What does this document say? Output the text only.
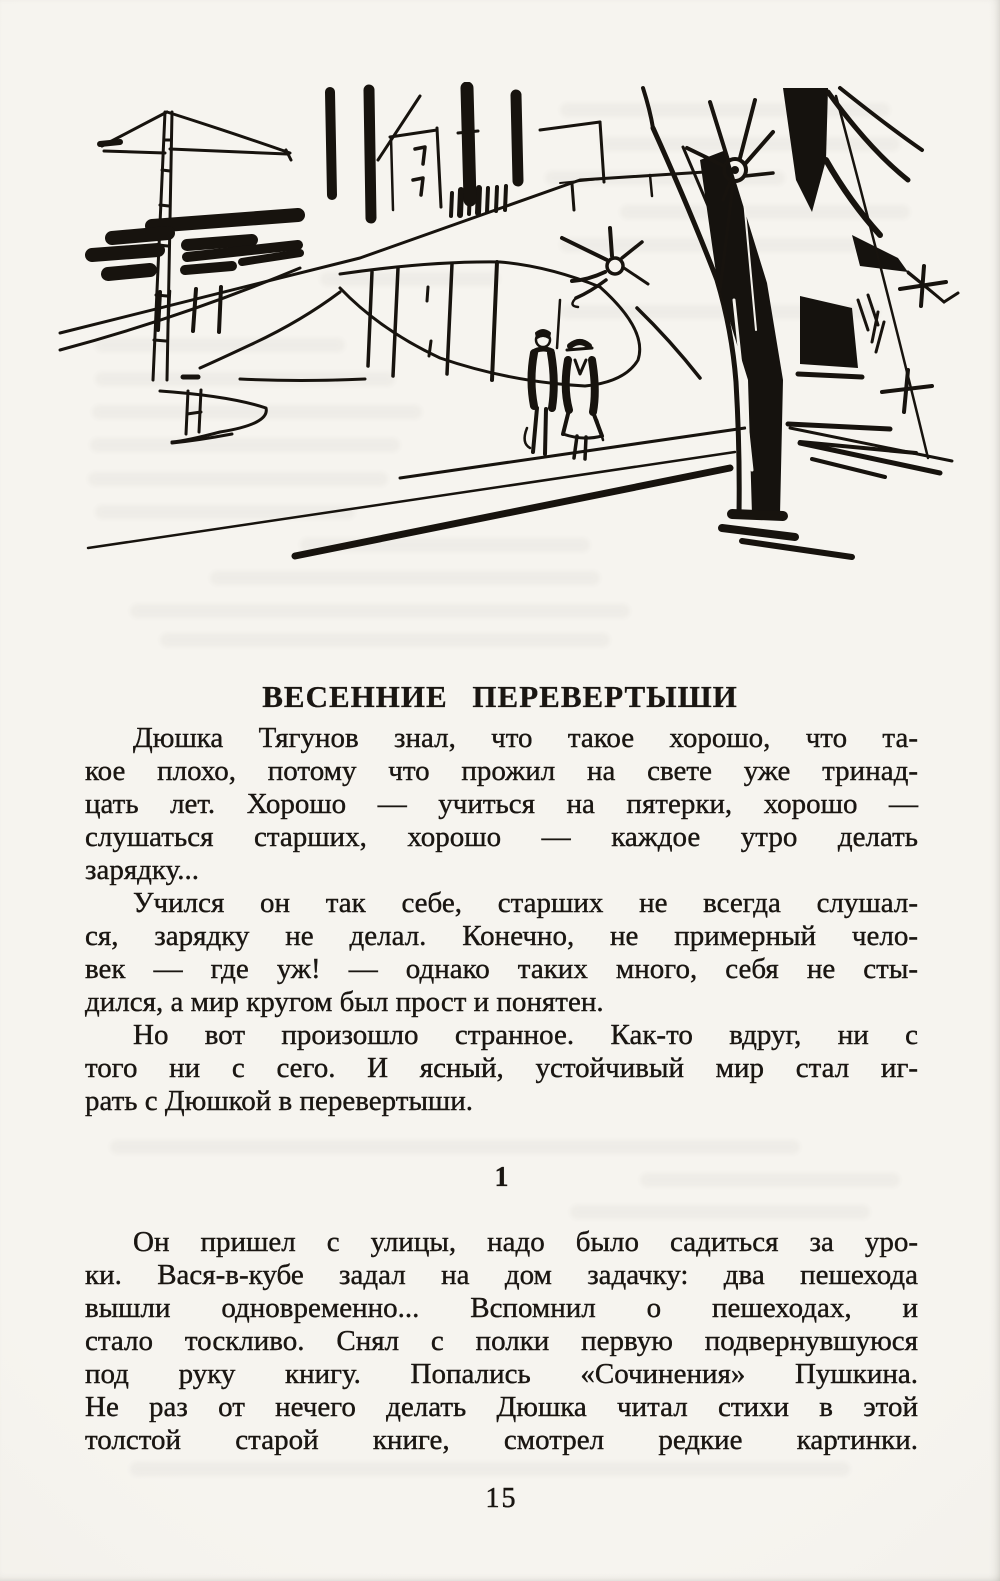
ВЕСЕННИЕ ПЕРЕВЕРТЫШИ
Дюшка Тягунов знал, что такое хорошо, что та-
кое плохо, потому что прожил на свете уже тринад-
цать лет. Хорошо — учиться на пятерки, хорошо —
слушаться старших, хорошо — каждое утро делать
зарядку...
Учился он так себе, старших не всегда слушал-
ся, зарядку не делал. Конечно, не примерный чело-
век — где уж! — однако таких много, себя не сты-
дился, а мир кругом был прост и понятен.
Но вот произошло странное. Как-то вдруг, ни с
того ни с сего. И ясный, устойчивый мир стал иг-
рать с Дюшкой в перевертыши.
1
Он пришел с улицы, надо было садиться за уро-
ки. Вася-в-кубе задал на дом задачку: два пешехода
вышли одновременно... Вспомнил о пешеходах, и
стало тоскливо. Снял с полки первую подвернувшуюся
под руку книгу. Попались «Сочинения» Пушкина.
Не раз от нечего делать Дюшка читал стихи в этой
толстой старой книге, смотрел редкие картинки.
15
